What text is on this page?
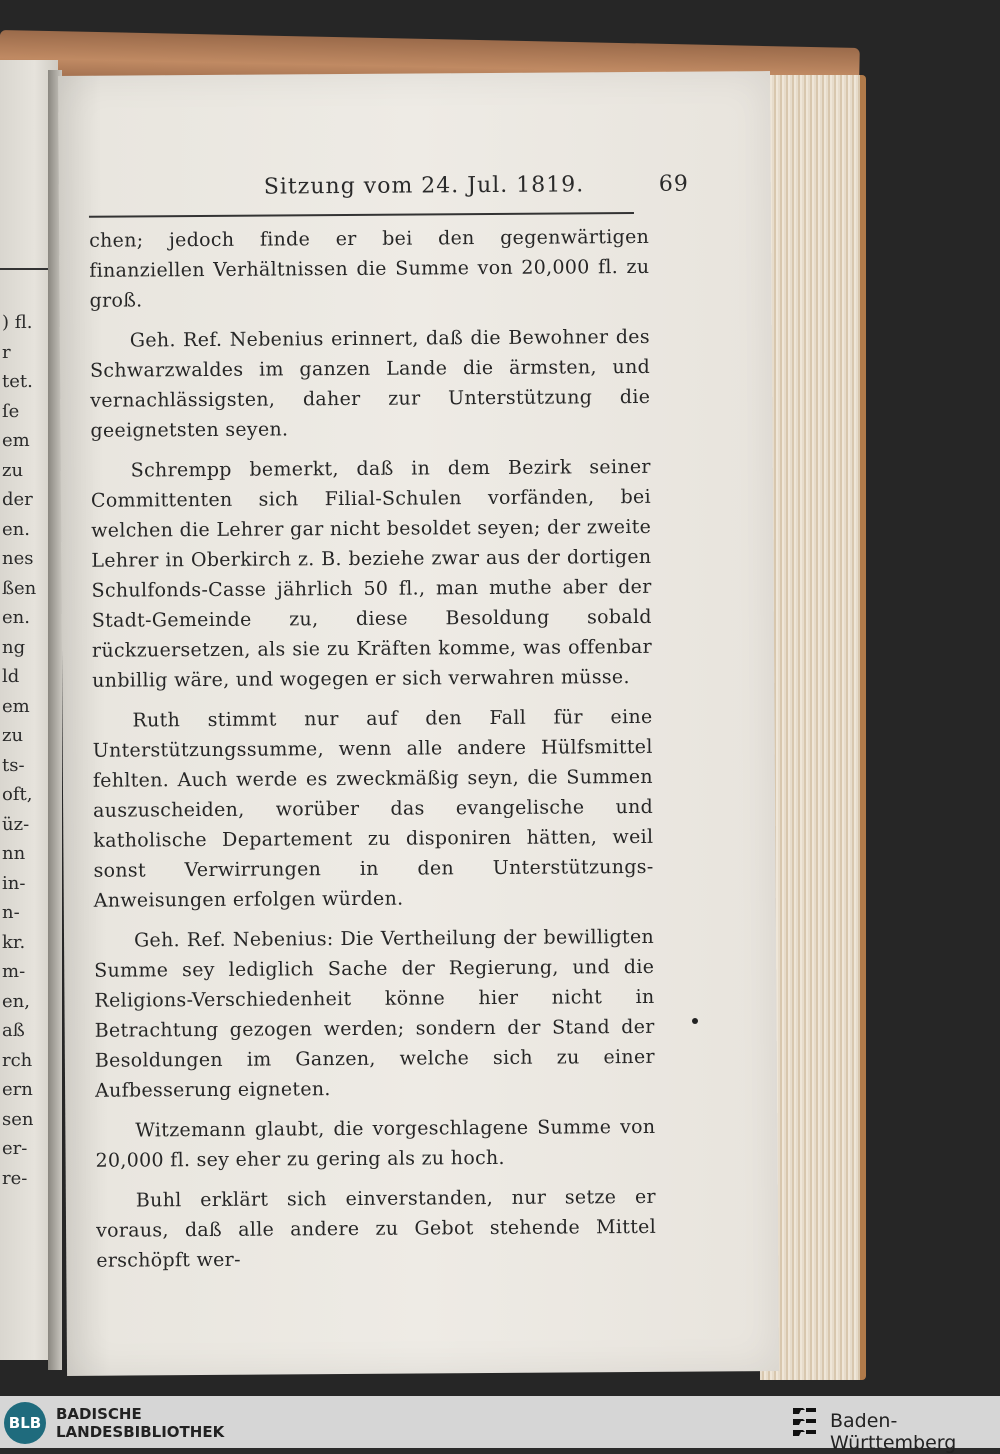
) fl.
r
tet.
ſe
em
zu
der
en.
nes
ßen
en.
ng
ld
em
zu
ts-
oft,
üz-
nn
in-
n-
kr.
m-
en,
aß
rch
ern
sen
er-
re-
Sitzung vom 24. Jul. 1819.	69

chen; jedoch finde er bei den gegenwärtigen finanziellen Verhältnissen die Summe von 20,000 fl. zu groß.

Geh. Ref. Nebenius erinnert, daß die Bewohner des Schwarzwaldes im ganzen Lande die ärmsten, und vernachlässigsten, daher zur Unterstützung die geeignetsten seyen.

Schrempp bemerkt, daß in dem Bezirk seiner Committenten sich Filial-Schulen vorfänden, bei welchen die Lehrer gar nicht besoldet seyen; der zweite Lehrer in Oberkirch z. B. beziehe zwar aus der dortigen Schulfonds-Casse jährlich 50 fl., man muthe aber der Stadt-Gemeinde zu, diese Besoldung sobald rückzuersetzen, als sie zu Kräften komme, was offenbar unbillig wäre, und wogegen er sich verwahren müsse.

Ruth stimmt nur auf den Fall für eine Unterstützungssumme, wenn alle andere Hülfsmittel fehlten. Auch werde es zweckmäßig seyn, die Summen auszuscheiden, worüber das evangelische und katholische Departement zu disponiren hätten, weil sonst Verwirrungen in den Unterstützungs-Anweisungen erfolgen würden.

Geh. Ref. Nebenius: Die Vertheilung der bewilligten Summe sey lediglich Sache der Regierung, und die Religions-Verschiedenheit könne hier nicht in Betrachtung gezogen werden; sondern der Stand der Besoldungen im Ganzen, welche sich zu einer Aufbesserung eigneten.

Witzemann glaubt, die vorgeschlagene Summe von 20,000 fl. sey eher zu gering als zu hoch.

Buhl erklärt sich einverstanden, nur setze er voraus, daß alle andere zu Gebot stehende Mittel erschöpft wer-

BLB BADISCHE
LANDESBIBLIOTHEK	Baden-Württemberg
